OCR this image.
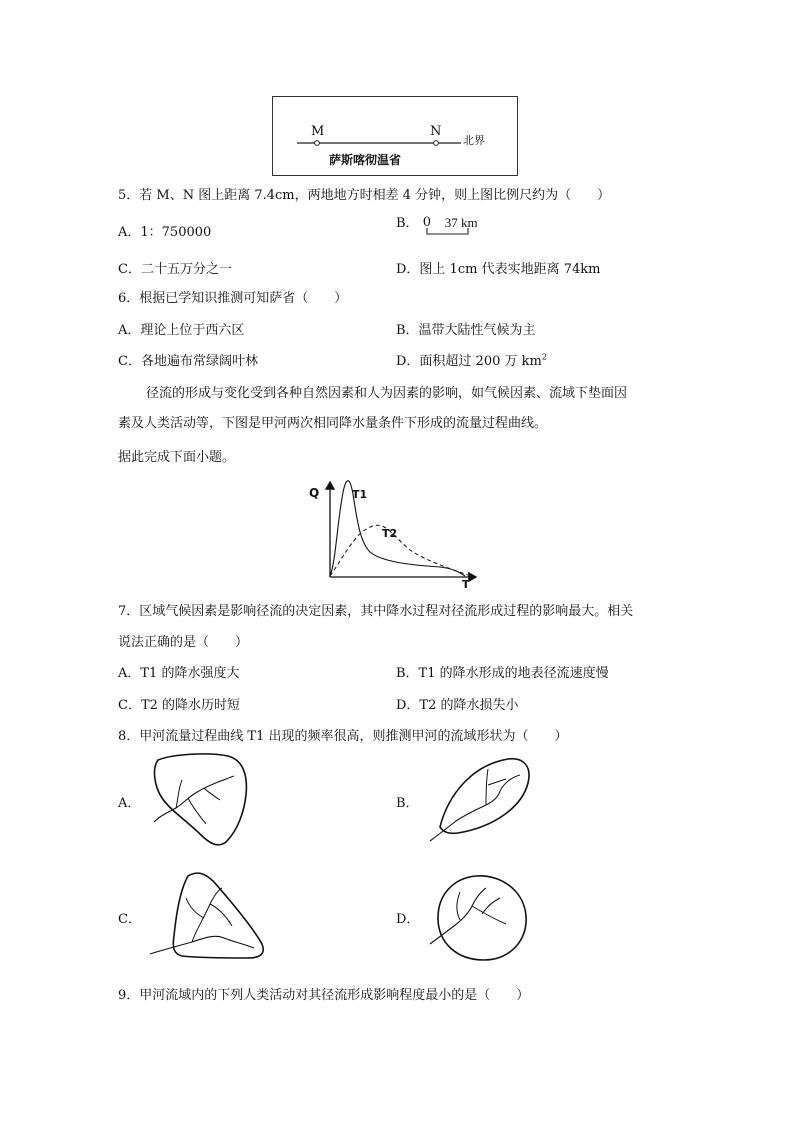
M	N
北界
萨斯喀彻温省
5．若 M、N 图上距离 7.4cm，两地地方时相差 4 分钟，则上图比例尺约为（　　）
A．1：750000
B． 0 37 km
C．二十五万分之一	D．图上 1cm 代表实地距离 74km
6．根据已学知识推测可知萨省（　　）
A．理论上位于西六区	B．温带大陆性气候为主
C．各地遍布常绿阔叶林	D．面积超过 200 万 $km^2$
径流的形成与变化受到各种自然因素和人为因素的影响，如气候因素、流域下垫面因
素及人类活动等，下图是甲河两次相同降水量条件下形成的流量过程曲线。
据此完成下面小题。
Q
T
T1
T2
7．区域气候因素是影响径流的决定因素，其中降水过程对径流形成过程的影响最大。相关
说法正确的是（　　）
A．T1 的降水强度大	B．T1 的降水形成的地表径流速度慢
C．T2 的降水历时短	D．T2 的降水损失小
8．甲河流量过程曲线 T1 出现的频率很高，则推测甲河的流域形状为（　　）
A．	B．
C．	D．
9．甲河流域内的下列人类活动对其径流形成影响程度最小的是（　　）
